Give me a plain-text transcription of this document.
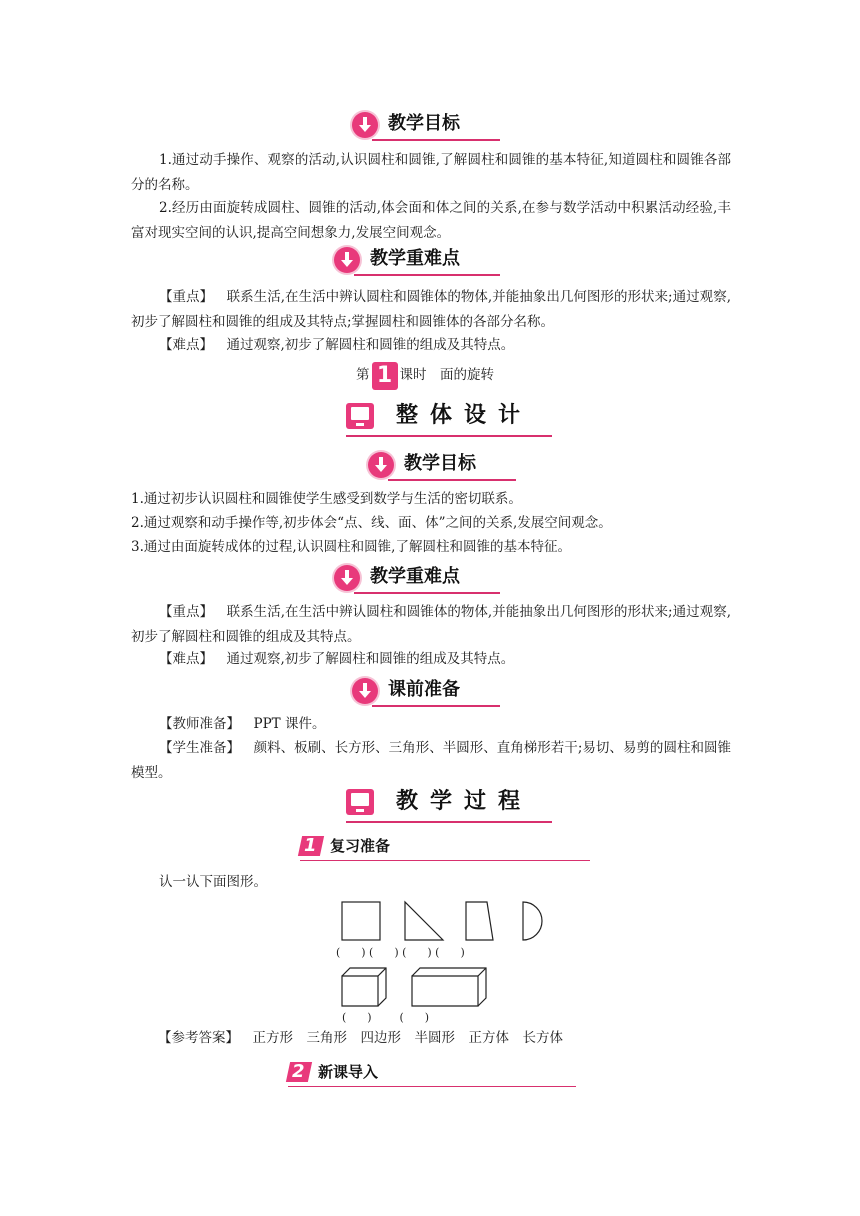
教学目标

1.通过动手操作、观察的活动,认识圆柱和圆锥,了解圆柱和圆锥的基本特征,知道圆柱和圆锥各部分的名称。

2.经历由面旋转成圆柱、圆锥的活动,体会面和体之间的关系,在参与数学活动中积累活动经验,丰富对现实空间的认识,提高空间想象力,发展空间观念。

教学重难点

【重点】   联系生活,在生活中辨认圆柱和圆锥体的物体,并能抽象出几何图形的形状来;通过观察,初步了解圆柱和圆锥的组成及其特点;掌握圆柱和圆锥体的各部分名称。

【难点】   通过观察,初步了解圆柱和圆锥的组成及其特点。

第 1 课时  面的旋转
整体设计
教学目标

1.通过初步认识圆柱和圆锥使学生感受到数学与生活的密切联系。

2.通过观察和动手操作等,初步体会“点、线、面、体”之间的关系,发展空间观念。

3.通过由面旋转成体的过程,认识圆柱和圆锥,了解圆柱和圆锥的基本特征。

教学重难点

【重点】   联系生活,在生活中辨认圆柱和圆锥体的物体,并能抽象出几何图形的形状来;通过观察,初步了解圆柱和圆锥的组成及其特点。

【难点】   通过观察,初步了解圆柱和圆锥的组成及其特点。

课前准备

【教师准备】   PPT 课件。

【学生准备】   颜料、板刷、长方形、三角形、半圆形、直角梯形若干;易切、易剪的圆柱和圆锥模型。

教学过程
1 复习准备

认一认下面图形。

(      ) (      ) (      ) (      )
(      )        (      )

【参考答案】  正方形  三角形  四边形  半圆形  正方体  长方体

2 新课导入
